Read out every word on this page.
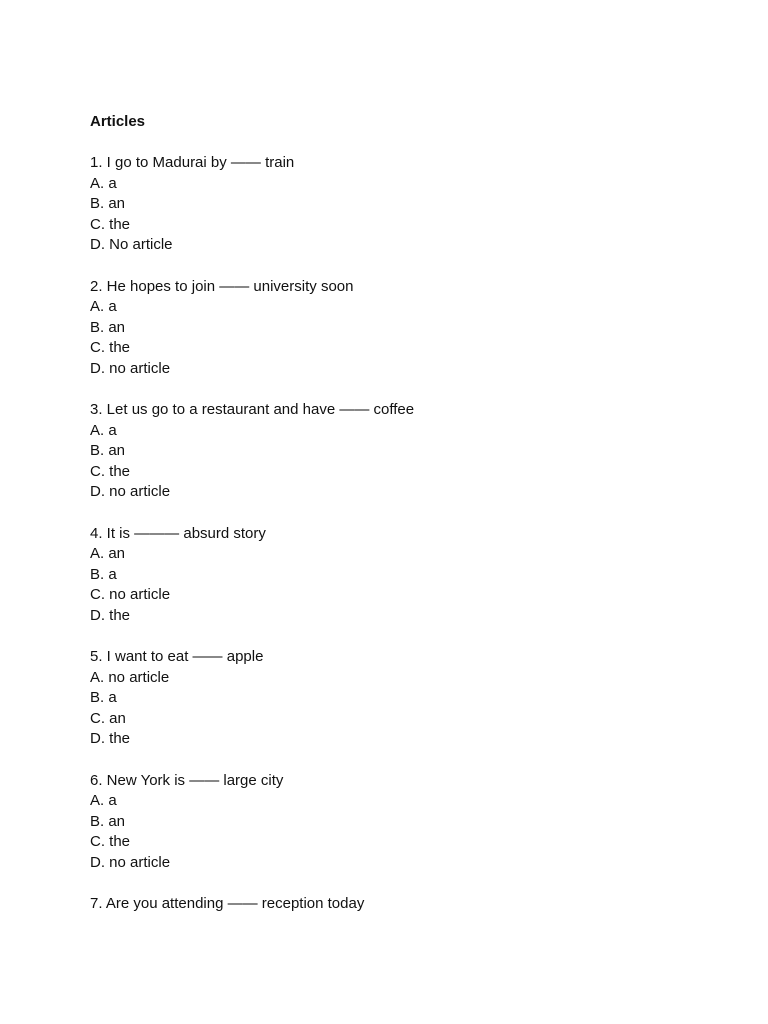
Articles
1. I go to Madurai by —— train
A. a
B. an
C. the
D. No article
2. He hopes to join —— university soon
A. a
B. an
C. the
D. no article
3. Let us go to a restaurant and have —— coffee
A. a
B. an
C. the
D. no article
4. It is ——— absurd story
A. an
B. a
C. no article
D. the
5. I want to eat —— apple
A. no article
B. a
C. an
D. the
6. New York is —— large city
A. a
B. an
C. the
D. no article
7. Are you attending —— reception today
